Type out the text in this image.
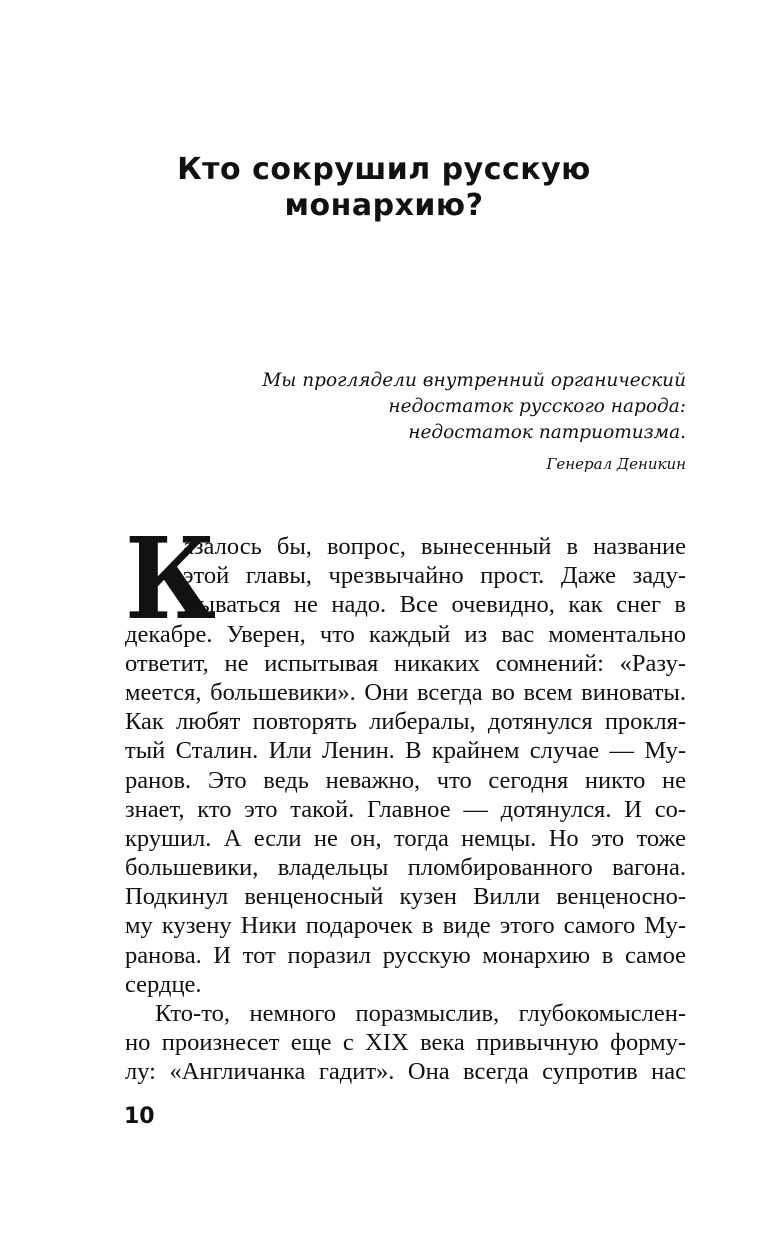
Кто сокрушил русскую
монархию?
Мы проглядели внутренний органический
недостаток русского народа:
недостаток патриотизма.
Генерал Деникин
К
азалось бы, вопрос, вынесенный в название
этой главы, чрезвычайно прост. Даже заду-
мываться не надо. Все очевидно, как снег в
декабре. Уверен, что каждый из вас моментально
ответит, не испытывая никаких сомнений: «Разу-
меется, большевики». Они всегда во всем виноваты.
Как любят повторять либералы, дотянулся прокля-
тый Сталин. Или Ленин. В крайнем случае — Му-
ранов. Это ведь неважно, что сегодня никто не
знает, кто это такой. Главное — дотянулся. И со-
крушил. А если не он, тогда немцы. Но это тоже
большевики, владельцы пломбированного вагона.
Подкинул венценосный кузен Вилли венценосно-
му кузену Ники подарочек в виде этого самого Му-
ранова. И тот поразил русскую монархию в самое
сердце.
Кто-то, немного поразмыслив, глубокомыслен-
но произнесет еще с XIX века привычную форму-
лу: «Англичанка гадит». Она всегда супротив нас
10
